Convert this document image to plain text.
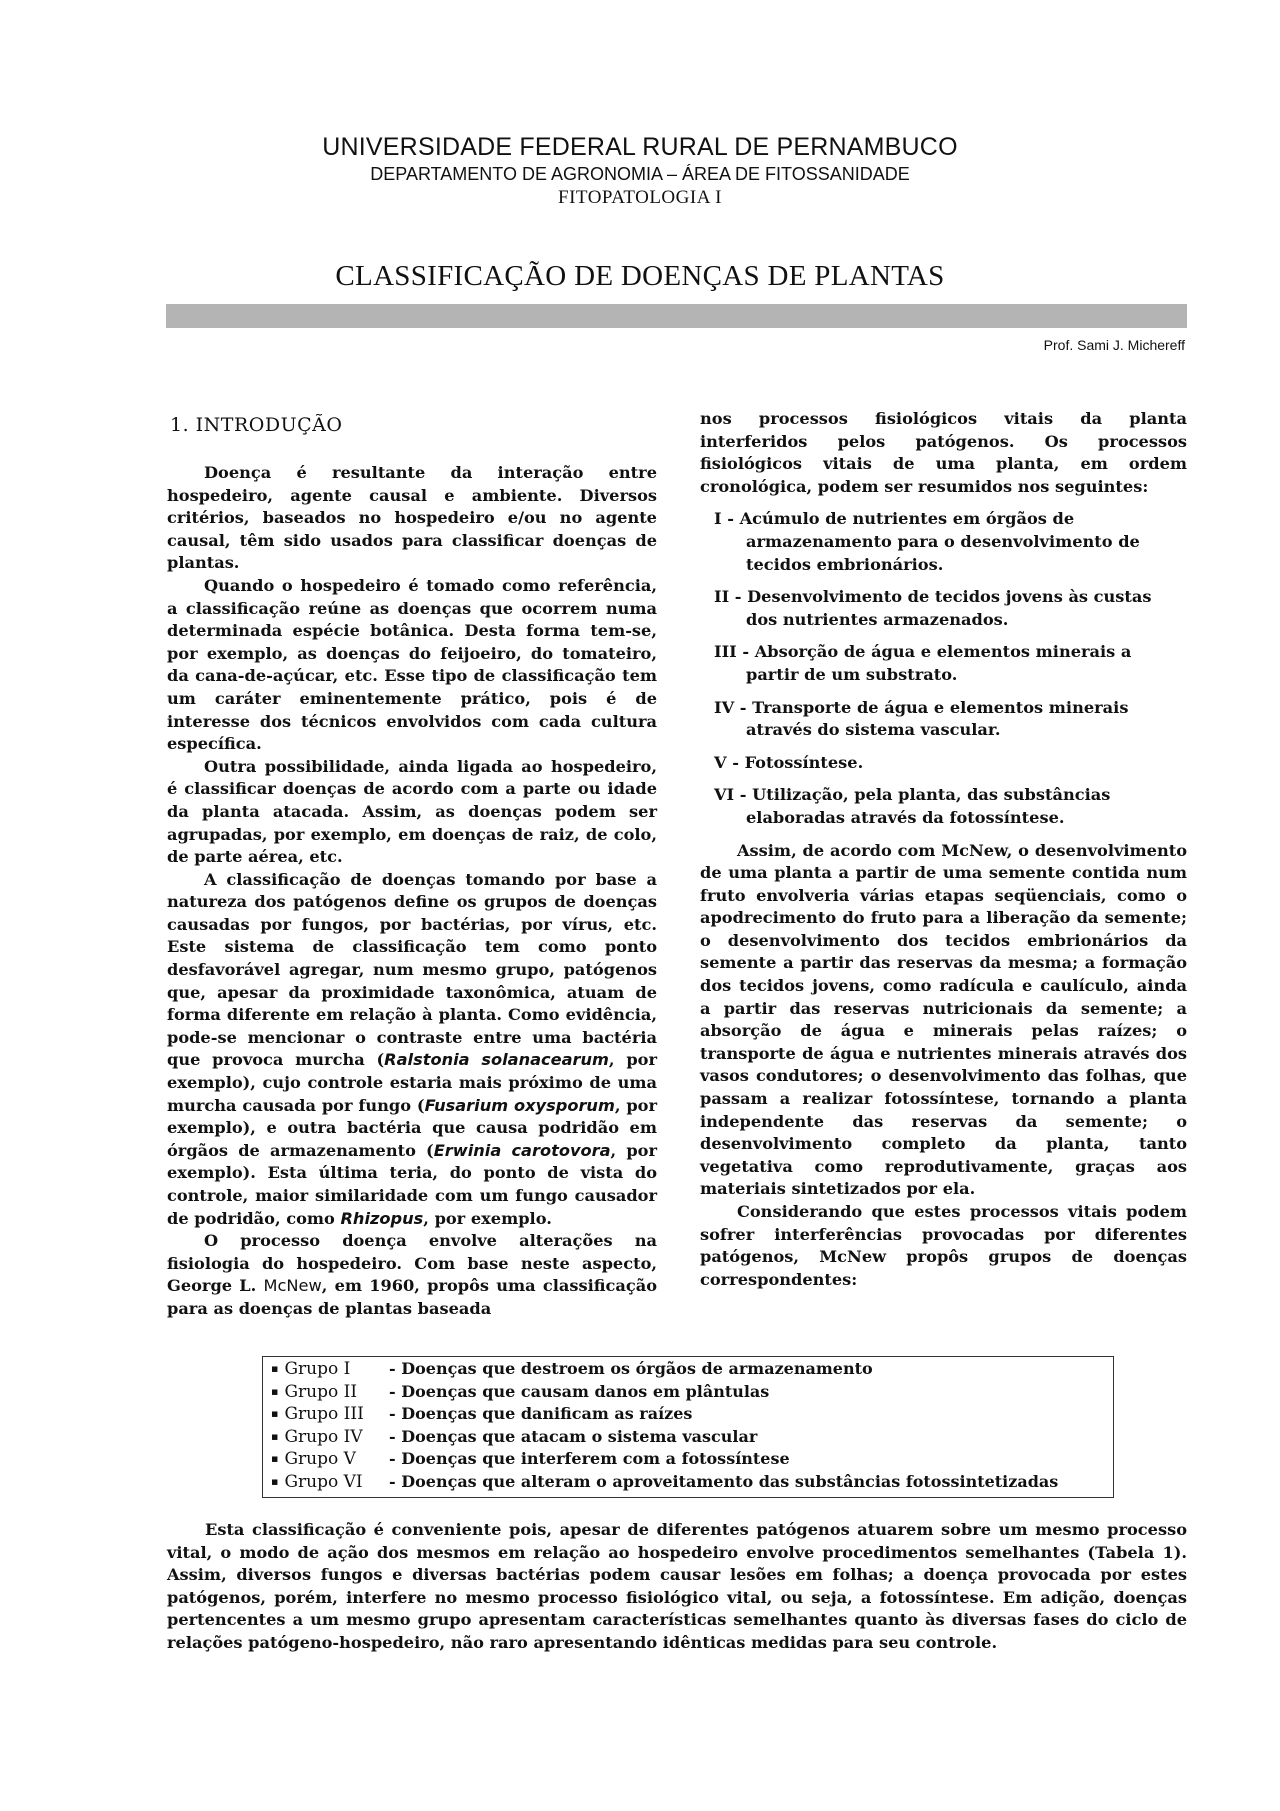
UNIVERSIDADE FEDERAL RURAL DE PERNAMBUCO
DEPARTAMENTO DE AGRONOMIA – ÁREA DE FITOSSANIDADE
FITOPATOLOGIA I
CLASSIFICAÇÃO DE DOENÇAS DE PLANTAS
Prof. Sami J. Michereff
1. INTRODUÇÃO

Doença é resultante da interação entre hospedeiro, agente causal e ambiente. Diversos critérios, baseados no hospedeiro e/ou no agente causal, têm sido usados para classificar doenças de plantas.

Quando o hospedeiro é tomado como referência, a classificação reúne as doenças que ocorrem numa determinada espécie botânica. Desta forma tem-se, por exemplo, as doenças do feijoeiro, do tomateiro, da cana-de-açúcar, etc. Esse tipo de classificação tem um caráter eminentemente prático, pois é de interesse dos técnicos envolvidos com cada cultura específica.

Outra possibilidade, ainda ligada ao hospedeiro, é classificar doenças de acordo com a parte ou idade da planta atacada. Assim, as doenças podem ser agrupadas, por exemplo, em doenças de raiz, de colo, de parte aérea, etc.

A classificação de doenças tomando por base a natureza dos patógenos define os grupos de doenças causadas por fungos, por bactérias, por vírus, etc. Este sistema de classificação tem como ponto desfavorável agregar, num mesmo grupo, patógenos que, apesar da proximidade taxonômica, atuam de forma diferente em relação à planta. Como evidência, pode-se mencionar o contraste entre uma bactéria que provoca murcha (Ralstonia solanacearum, por exemplo), cujo controle estaria mais próximo de uma murcha causada por fungo (Fusarium oxysporum, por exemplo), e outra bactéria que causa podridão em órgãos de armazenamento (Erwinia carotovora, por exemplo). Esta última teria, do ponto de vista do controle, maior similaridade com um fungo causador de podridão, como Rhizopus, por exemplo.

O processo doença envolve alterações na fisiologia do hospedeiro. Com base neste aspecto, George L. McNew, em 1960, propôs uma classificação para as doenças de plantas baseada

nos processos fisiológicos vitais da planta interferidos pelos patógenos. Os processos fisiológicos vitais de uma planta, em ordem cronológica, podem ser resumidos nos seguintes:

I - Acúmulo de nutrientes em órgãos de armazenamento para o desenvolvimento de tecidos embrionários.
II - Desenvolvimento de tecidos jovens às custas dos nutrientes armazenados.
III - Absorção de água e elementos minerais a partir de um substrato.
IV - Transporte de água e elementos minerais através do sistema vascular.
V - Fotossíntese.
VI - Utilização, pela planta, das substâncias elaboradas através da fotossíntese.

Assim, de acordo com McNew, o desenvolvimento de uma planta a partir de uma semente contida num fruto envolveria várias etapas seqüenciais, como o apodrecimento do fruto para a liberação da semente; o desenvolvimento dos tecidos embrionários da semente a partir das reservas da mesma; a formação dos tecidos jovens, como radícula e caulículo, ainda a partir das reservas nutricionais da semente; a absorção de água e minerais pelas raízes; o transporte de água e nutrientes minerais através dos vasos condutores; o desenvolvimento das folhas, que passam a realizar fotossíntese, tornando a planta independente das reservas da semente; o desenvolvimento completo da planta, tanto vegetativa como reprodutivamente, graças aos materiais sintetizados por ela.

Considerando que estes processos vitais podem sofrer interferências provocadas por diferentes patógenos, McNew propôs grupos de doenças correspondentes:

▪ Grupo I	- Doenças que destroem os órgãos de armazenamento
▪ Grupo II	- Doenças que causam danos em plântulas
▪ Grupo III	- Doenças que danificam as raízes
▪ Grupo IV	- Doenças que atacam o sistema vascular
▪ Grupo V	- Doenças que interferem com a fotossíntese
▪ Grupo VI	- Doenças que alteram o aproveitamento das substâncias fotossintetizadas

Esta classificação é conveniente pois, apesar de diferentes patógenos atuarem sobre um mesmo processo vital, o modo de ação dos mesmos em relação ao hospedeiro envolve procedimentos semelhantes (Tabela 1). Assim, diversos fungos e diversas bactérias podem causar lesões em folhas; a doença provocada por estes patógenos, porém, interfere no mesmo processo fisiológico vital, ou seja, a fotossíntese. Em adição, doenças pertencentes a um mesmo grupo apresentam características semelhantes quanto às diversas fases do ciclo de relações patógeno-hospedeiro, não raro apresentando idênticas medidas para seu controle.
